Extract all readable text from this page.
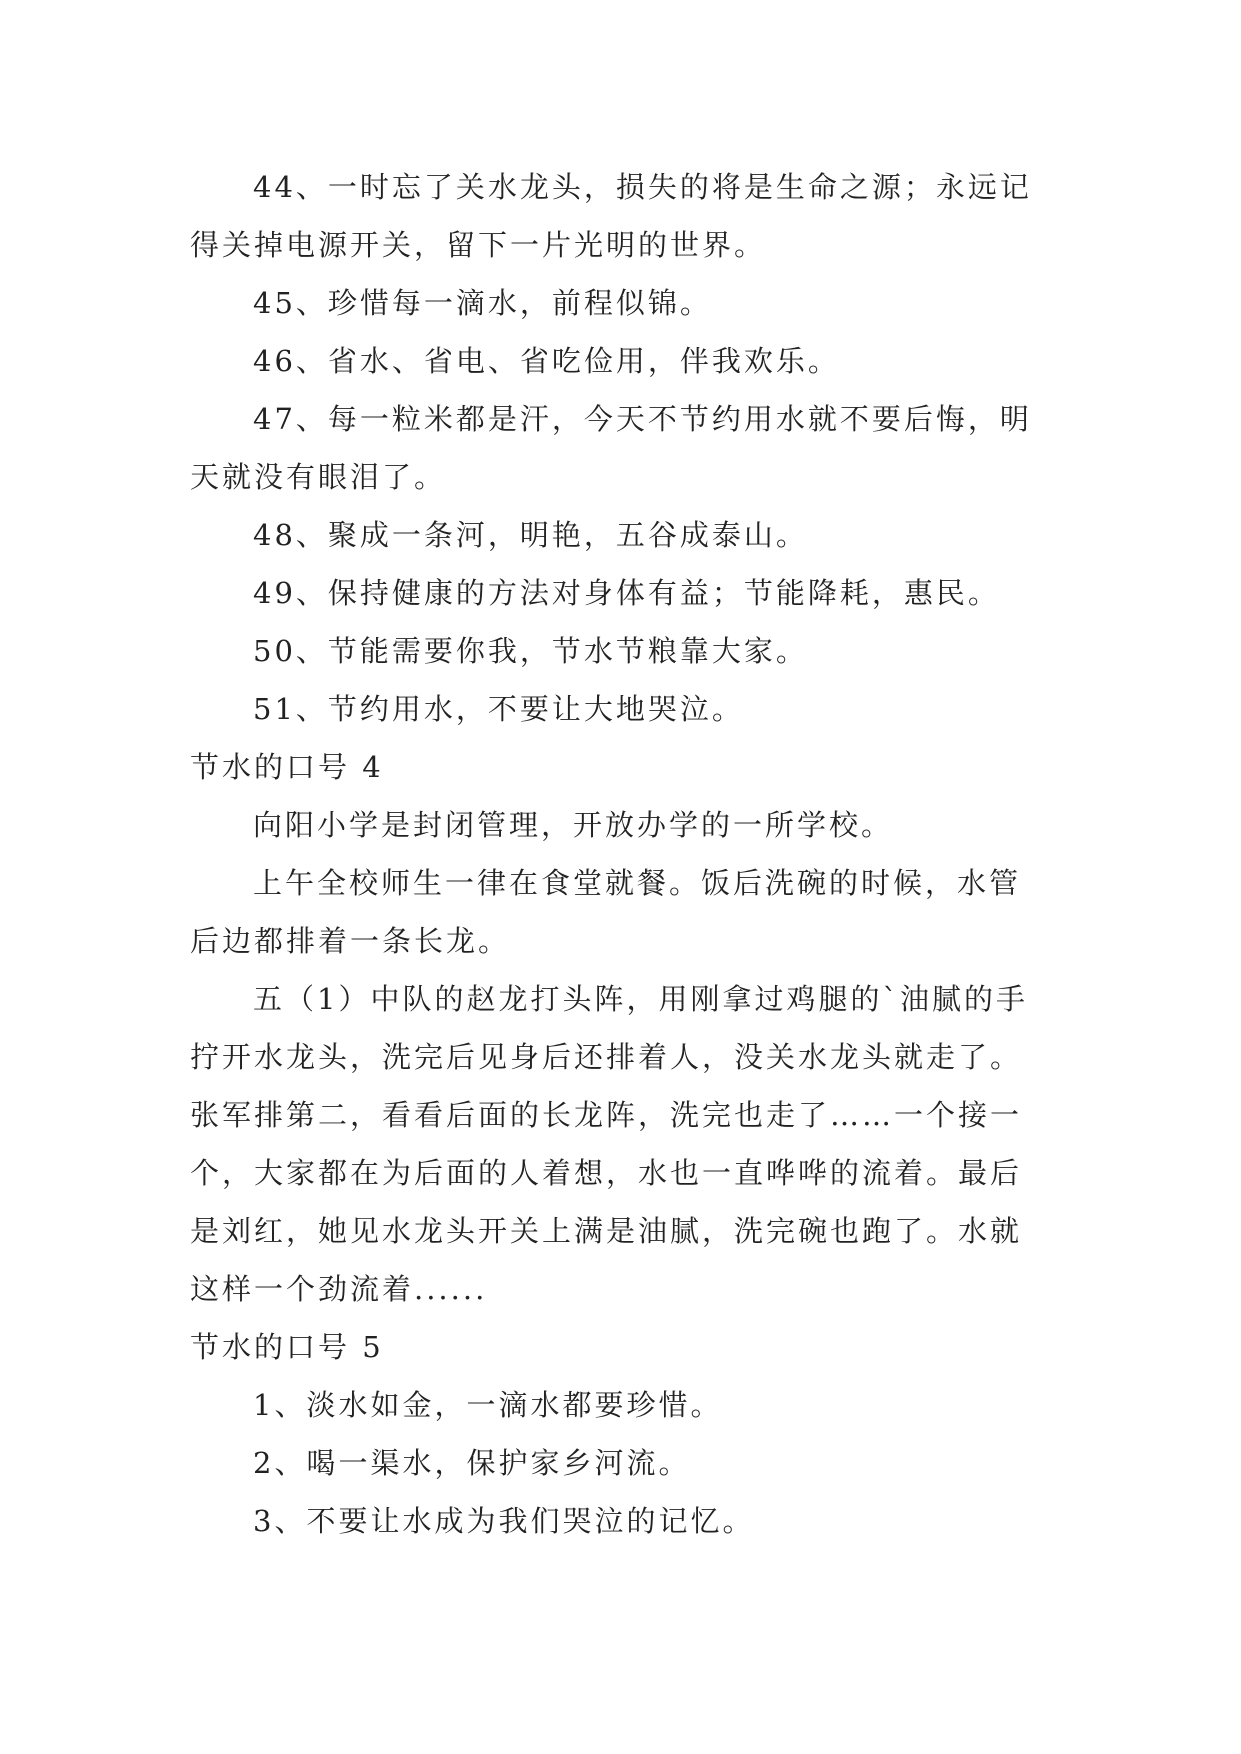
44、一时忘了关水龙头，损失的将是生命之源；永远记
得关掉电源开关，留下一片光明的世界。
45、珍惜每一滴水，前程似锦。
46、省水、省电、省吃俭用，伴我欢乐。
47、每一粒米都是汗，今天不节约用水就不要后悔，明
天就没有眼泪了。
48、聚成一条河，明艳，五谷成泰山。
49、保持健康的方法对身体有益；节能降耗，惠民。
50、节能需要你我，节水节粮靠大家。
51、节约用水，不要让大地哭泣。
节水的口号 4
向阳小学是封闭管理，开放办学的一所学校。
上午全校师生一律在食堂就餐。饭后洗碗的时候，水管
后边都排着一条长龙。
五（1）中队的赵龙打头阵，用刚拿过鸡腿的`油腻的手
拧开水龙头，洗完后见身后还排着人，没关水龙头就走了。
张军排第二，看看后面的长龙阵，洗完也走了……一个接一
个，大家都在为后面的人着想，水也一直哗哗的流着。最后
是刘红，她见水龙头开关上满是油腻，洗完碗也跑了。水就
这样一个劲流着......
节水的口号 5
1、淡水如金，一滴水都要珍惜。
2、喝一渠水，保护家乡河流。
3、不要让水成为我们哭泣的记忆。
